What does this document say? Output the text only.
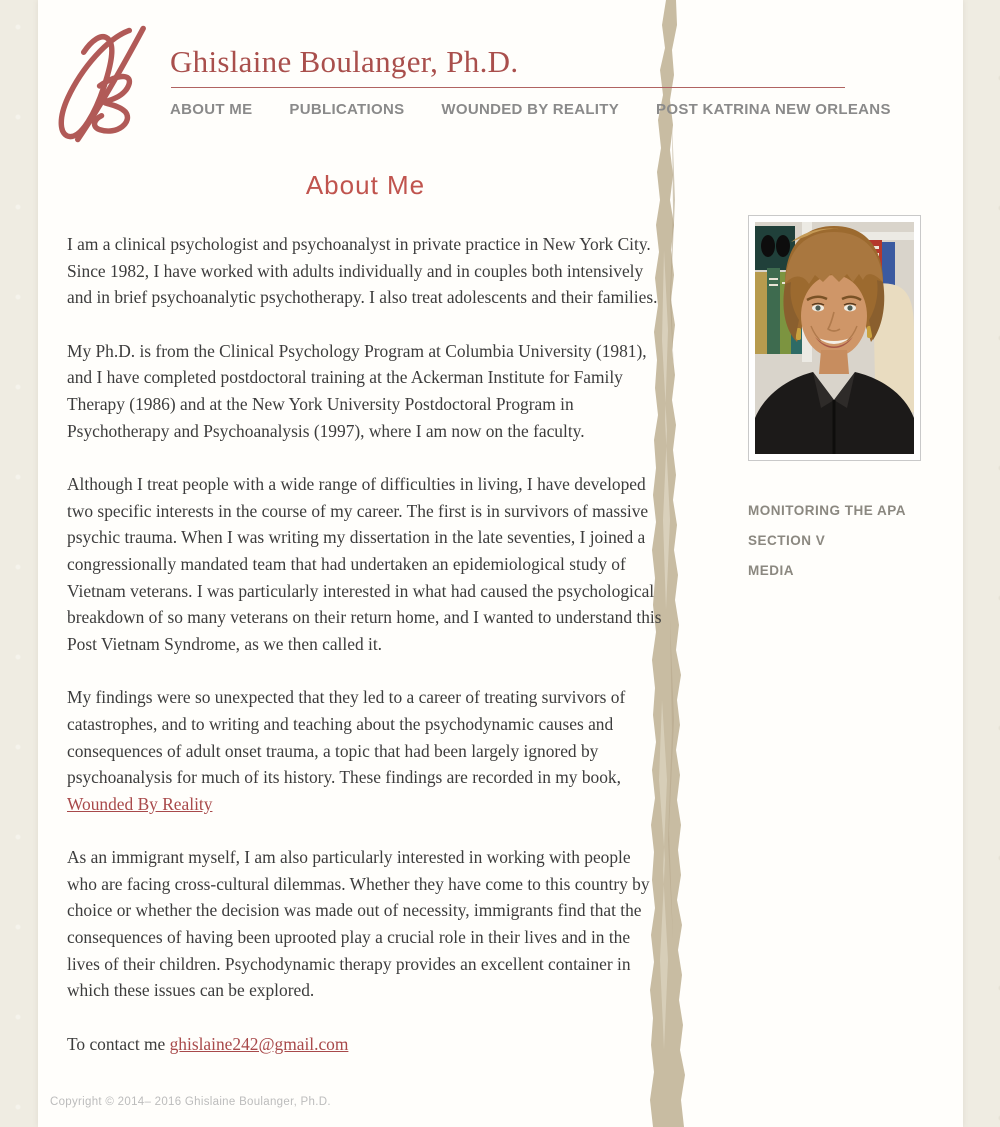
Ghislaine Boulanger, Ph.D.
ABOUT ME PUBLICATIONS WOUNDED BY REALITY POST KATRINA NEW ORLEANS
About Me

I am a clinical psychologist and psychoanalyst in private practice in New York City. Since 1982, I have worked with adults individually and in couples both intensively and in brief psychoanalytic psychotherapy. I also treat adolescents and their families.

My Ph.D. is from the Clinical Psychology Program at Columbia University (1981), and I have completed postdoctoral training at the Ackerman Institute for Family Therapy (1986) and at the New York University Postdoctoral Program in Psychotherapy and Psychoanalysis (1997), where I am now on the faculty.

Although I treat people with a wide range of difficulties in living, I have developed two specific interests in the course of my career. The first is in survivors of massive psychic trauma. When I was writing my dissertation in the late seventies, I joined a congressionally mandated team that had undertaken an epidemiological study of Vietnam veterans. I was particularly interested in what had caused the psychological breakdown of so many veterans on their return home, and I wanted to understand this Post Vietnam Syndrome, as we then called it.

My findings were so unexpected that they led to a career of treating survivors of catastrophes, and to writing and teaching about the psychodynamic causes and consequences of adult onset trauma, a topic that had been largely ignored by psychoanalysis for much of its history. These findings are recorded in my book, Wounded By Reality

As an immigrant myself, I am also particularly interested in working with people who are facing cross-cultural dilemmas. Whether they have come to this country by choice or whether the decision was made out of necessity, immigrants find that the consequences of having been uprooted play a crucial role in their lives and in the lives of their children. Psychodynamic therapy provides an excellent container in which these issues can be explored.

To contact me ghislaine242@gmail.com

MONITORING THE APA
SECTION V
MEDIA
Copyright © 2014– 2016 Ghislaine Boulanger, Ph.D.
